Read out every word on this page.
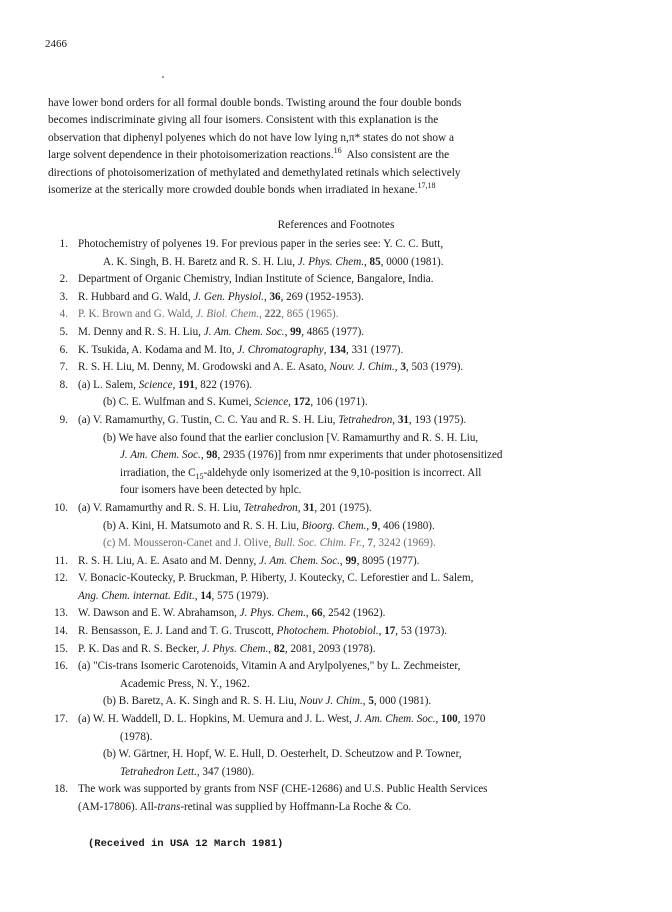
2466
have lower bond orders for all formal double bonds. Twisting around the four double bonds
becomes indiscriminate giving all four isomers. Consistent with this explanation is the
observation that diphenyl polyenes which do not have low lying n,π* states do not show a
large solvent dependence in their photoisomerization reactions.$^{16}$  Also consistent are the
directions of photoisomerization of methylated and demethylated retinals which selectively
isomerize at the sterically more crowded double bonds when irradiated in hexane.$^{17,18}$
References and Footnotes
1. Photochemistry of polyenes 19. For previous paper in the series see: Y. C. C. Butt,
A. K. Singh, B. H. Baretz and R. S. H. Liu, J. Phys. Chem., 85, 0000 (1981).
2. Department of Organic Chemistry, Indian Institute of Science, Bangalore, India.
3. R. Hubbard and G. Wald, J. Gen. Physiol., 36, 269 (1952-1953).
4. P. K. Brown and G. Wald, J. Biol. Chem., 222, 865 (1965).
5. M. Denny and R. S. H. Liu, J. Am. Chem. Soc., 99, 4865 (1977).
6. K. Tsukida, A. Kodama and M. Ito, J. Chromatography, 134, 331 (1977).
7. R. S. H. Liu, M. Denny, M. Grodowski and A. E. Asato, Nouv. J. Chim., 3, 503 (1979).
8. (a) L. Salem, Science, 191, 822 (1976).
(b) C. E. Wulfman and S. Kumei, Science, 172, 106 (1971).
9. (a) V. Ramamurthy, G. Tustin, C. C. Yau and R. S. H. Liu, Tetrahedron, 31, 193 (1975).
(b) We have also found that the earlier conclusion [V. Ramamurthy and R. S. H. Liu,
J. Am. Chem. Soc., 98, 2935 (1976)] from nmr experiments that under photosensitized
irradiation, the $C_{15}$-aldehyde only isomerized at the 9,10-position is incorrect. All
four isomers have been detected by hplc.
10. (a) V. Ramamurthy and R. S. H. Liu, Tetrahedron, 31, 201 (1975).
(b) A. Kini, H. Matsumoto and R. S. H. Liu, Bioorg. Chem., 9, 406 (1980).
(c) M. Mousseron-Canet and J. Olive, Bull. Soc. Chim. Fr., 7, 3242 (1969).
11. R. S. H. Liu, A. E. Asato and M. Denny, J. Am. Chem. Soc., 99, 8095 (1977).
12. V. Bonacic-Koutecky, P. Bruckman, P. Hiberty, J. Koutecky, C. Leforestier and L. Salem,
Ang. Chem. internat. Edit., 14, 575 (1979).
13. W. Dawson and E. W. Abrahamson, J. Phys. Chem., 66, 2542 (1962).
14. R. Bensasson, E. J. Land and T. G. Truscott, Photochem. Photobiol., 17, 53 (1973).
15. P. K. Das and R. S. Becker, J. Phys. Chem., 82, 2081, 2093 (1978).
16. (a) "Cis-trans Isomeric Carotenoids, Vitamin A and Arylpolyenes," by L. Zechmeister,
Academic Press, N. Y., 1962.
(b) B. Baretz, A. K. Singh and R. S. H. Liu, Nouv J. Chim., 5, 000 (1981).
17. (a) W. H. Waddell, D. L. Hopkins, M. Uemura and J. L. West, J. Am. Chem. Soc., 100, 1970
(1978).
(b) W. Gärtner, H. Hopf, W. E. Hull, D. Oesterhelt, D. Scheutzow and P. Towner,
Tetrahedron Lett., 347 (1980).
18. The work was supported by grants from NSF (CHE-12686) and U.S. Public Health Services
(AM-17806). All-trans-retinal was supplied by Hoffmann-La Roche & Co.
(Received in USA 12 March 1981)
